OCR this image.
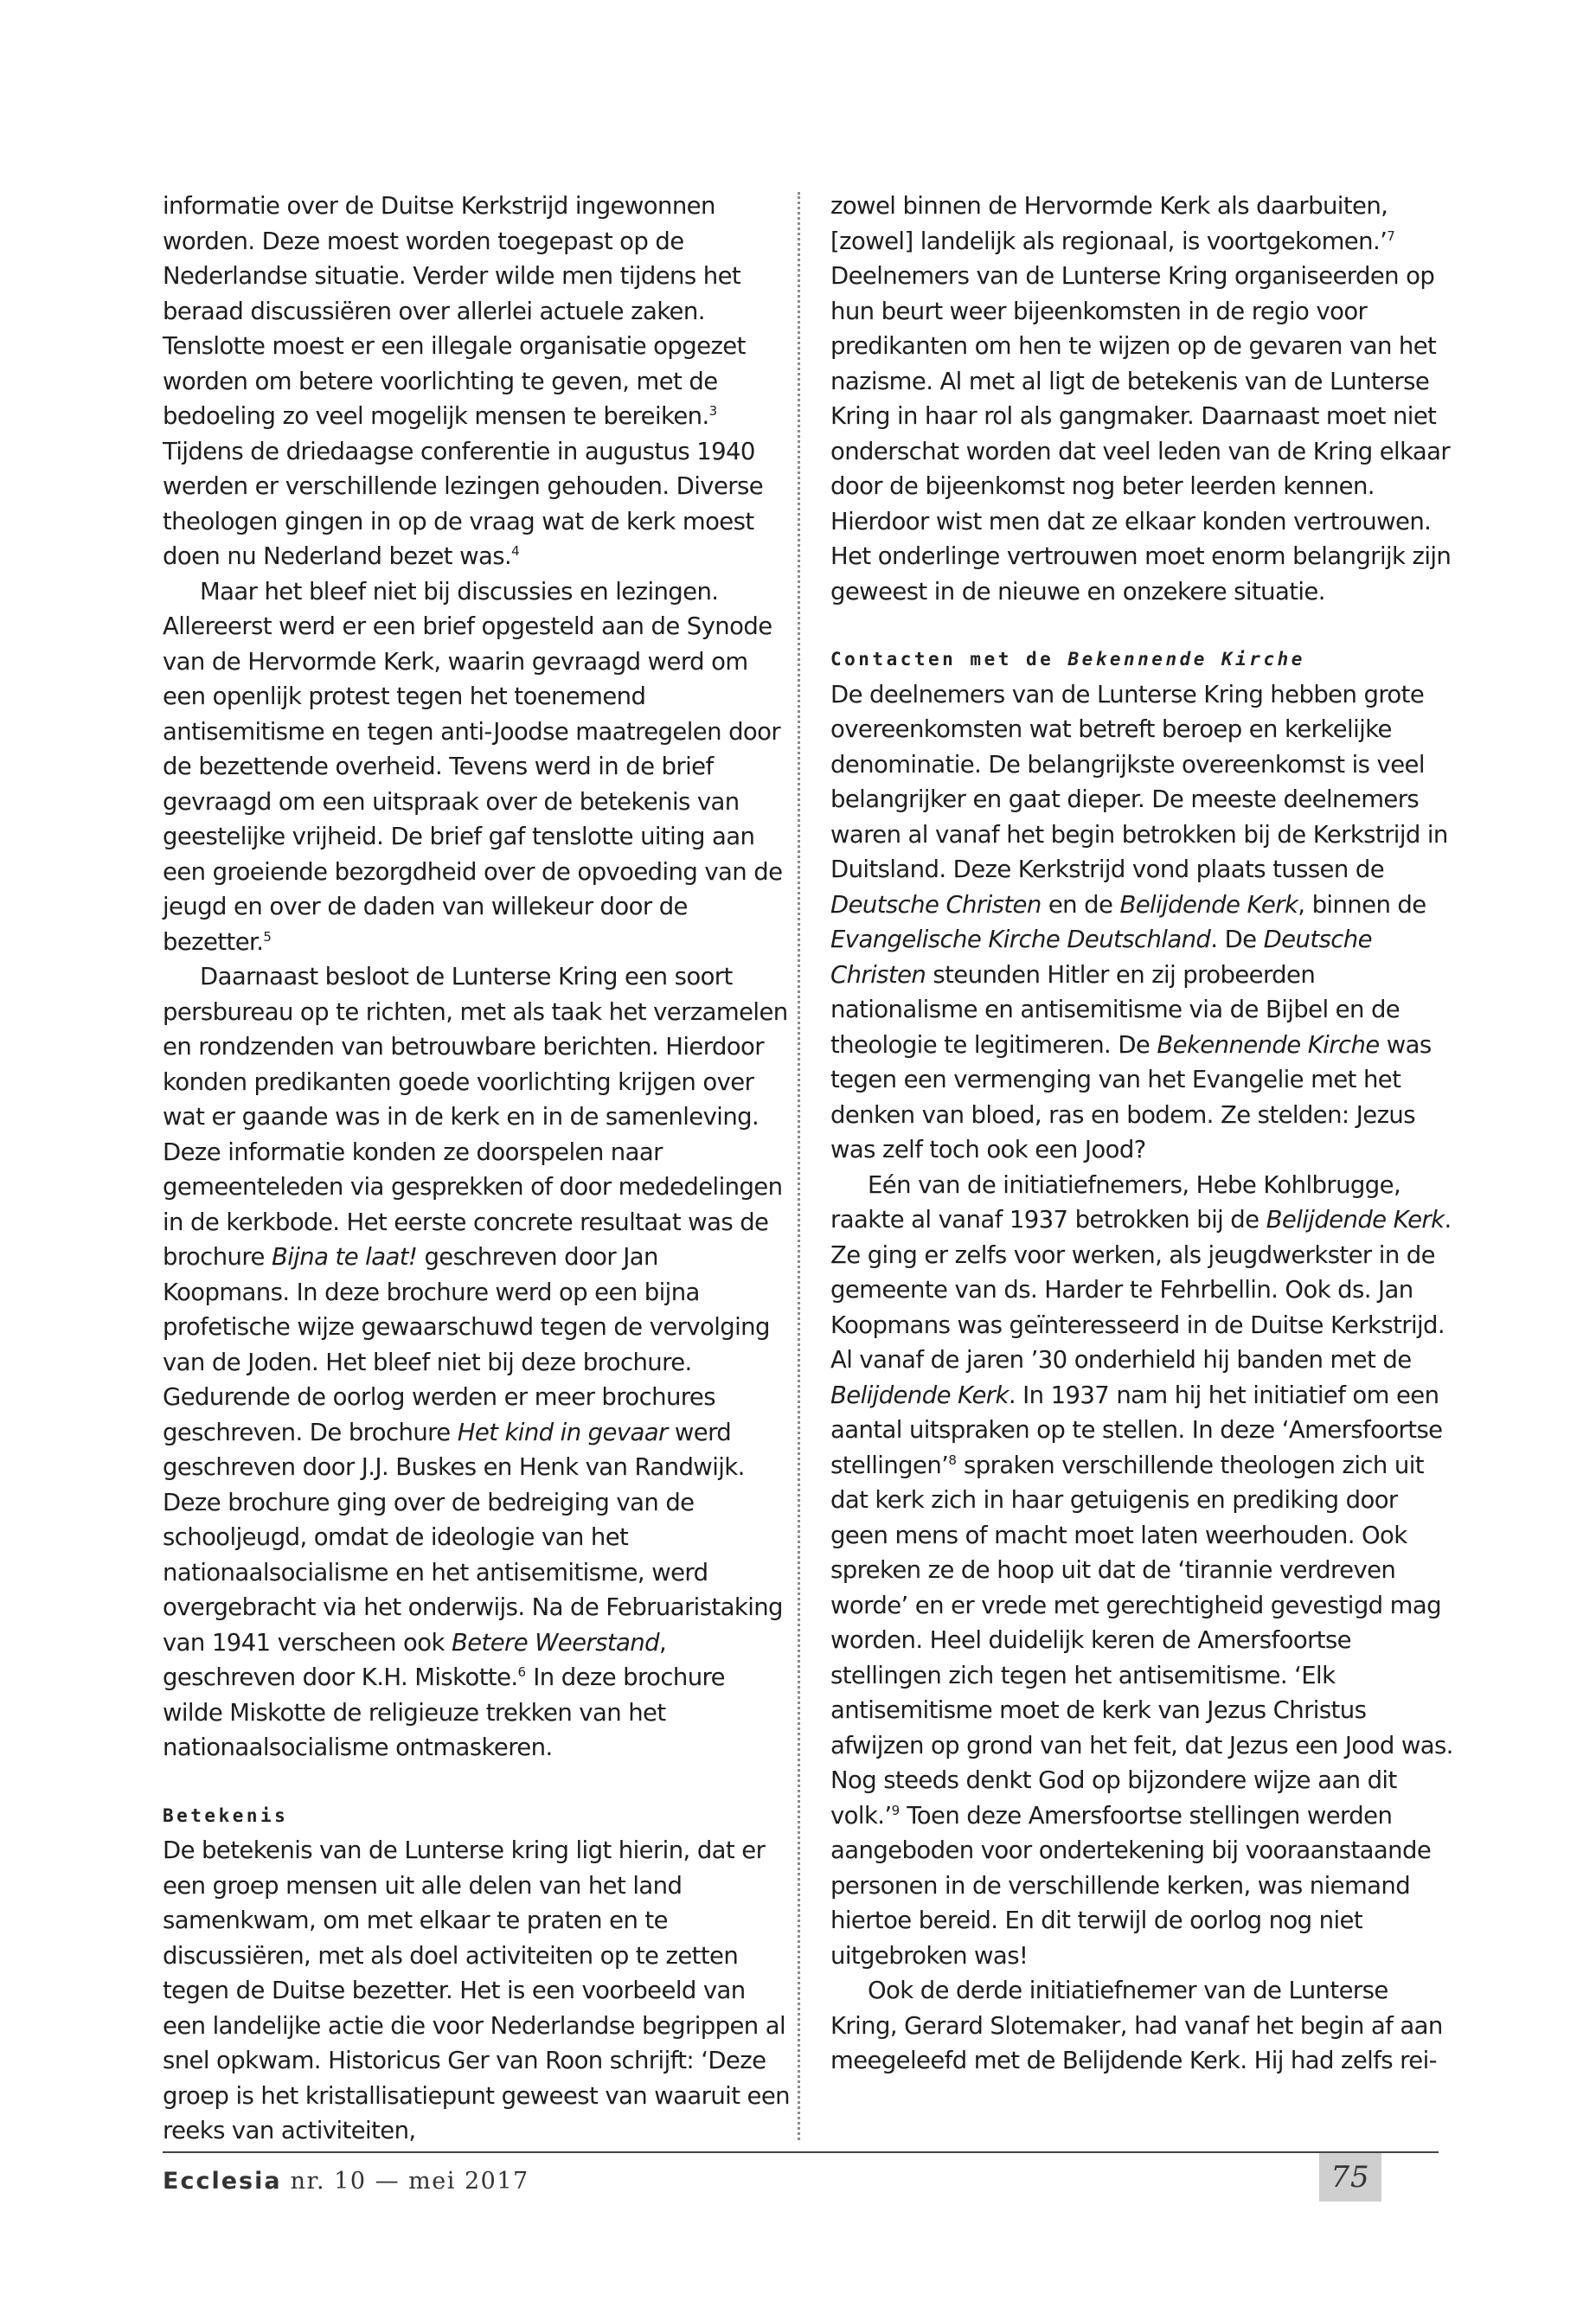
informatie over de Duitse Kerkstrijd ingewonnen worden. Deze moest worden toegepast op de Nederlandse situatie. Verder wilde men tijdens het beraad discussiëren over allerlei actuele zaken. Tenslotte moest er een illegale organisatie opgezet worden om betere voorlichting te geven, met de bedoeling zo veel mogelijk mensen te bereiken.$^3$ Tijdens de driedaagse conferentie in augustus 1940 werden er verschillende lezingen gehouden. Diverse theologen gingen in op de vraag wat de kerk moest doen nu Nederland bezet was.$^4$

Maar het bleef niet bij discussies en lezingen. Allereerst werd er een brief opgesteld aan de Synode van de Hervormde Kerk, waarin gevraagd werd om een openlijk protest tegen het toenemend antisemitisme en tegen anti-Joodse maatregelen door de bezettende overheid. Tevens werd in de brief gevraagd om een uitspraak over de betekenis van geestelijke vrijheid. De brief gaf tenslotte uiting aan een groeiende bezorgdheid over de opvoeding van de jeugd en over de daden van willekeur door de bezetter.$^5$

Daarnaast besloot de Lunterse Kring een soort persbureau op te richten, met als taak het verzamelen en rondzenden van betrouwbare berichten. Hierdoor konden predikanten goede voorlichting krijgen over wat er gaande was in de kerk en in de samenleving. Deze informatie konden ze doorspelen naar gemeenteleden via gesprekken of door mededelingen in de kerkbode. Het eerste concrete resultaat was de brochure Bijna te laat! geschreven door Jan Koopmans. In deze brochure werd op een bijna profetische wijze gewaarschuwd tegen de vervolging van de Joden. Het bleef niet bij deze brochure. Gedurende de oorlog werden er meer brochures geschreven. De brochure Het kind in gevaar werd geschreven door J.J. Buskes en Henk van Randwijk. Deze brochure ging over de bedreiging van de schooljeugd, omdat de ideologie van het nationaalsocialisme en het antisemitisme, werd overgebracht via het onderwijs. Na de Februaristaking van 1941 verscheen ook Betere Weerstand, geschreven door K.H. Miskotte.$^6$ In deze brochure wilde Miskotte de religieuze trekken van het nationaalsocialisme ontmaskeren.

Betekenis

De betekenis van de Lunterse kring ligt hierin, dat er een groep mensen uit alle delen van het land samenkwam, om met elkaar te praten en te discussiëren, met als doel activiteiten op te zetten tegen de Duitse bezetter. Het is een voorbeeld van een landelijke actie die voor Nederlandse begrippen al snel opkwam. Historicus Ger van Roon schrijft: ‘Deze groep is het kristallisatiepunt geweest van waaruit een reeks van activiteiten,

zowel binnen de Hervormde Kerk als daarbuiten, [zowel] landelijk als regionaal, is voortgekomen.’$^7$ Deelnemers van de Lunterse Kring organiseerden op hun beurt weer bijeenkomsten in de regio voor predikanten om hen te wijzen op de gevaren van het nazisme. Al met al ligt de betekenis van de Lunterse Kring in haar rol als gangmaker. Daarnaast moet niet onderschat worden dat veel leden van de Kring elkaar door de bijeenkomst nog beter leerden kennen. Hierdoor wist men dat ze elkaar konden vertrouwen. Het onderlinge vertrouwen moet enorm belangrijk zijn geweest in de nieuwe en onzekere situatie.

Contacten met de Bekennende Kirche

De deelnemers van de Lunterse Kring hebben grote overeenkomsten wat betreft beroep en kerkelijke denominatie. De belangrijkste overeenkomst is veel belangrijker en gaat dieper. De meeste deelnemers waren al vanaf het begin betrokken bij de Kerkstrijd in Duitsland. Deze Kerkstrijd vond plaats tussen de Deutsche Christen en de Belijdende Kerk, binnen de Evangelische Kirche Deutschland. De Deutsche Christen steunden Hitler en zij probeerden nationalisme en antisemitisme via de Bijbel en de theologie te legitimeren. De Bekennende Kirche was tegen een vermenging van het Evangelie met het denken van bloed, ras en bodem. Ze stelden: Jezus was zelf toch ook een Jood?

Eén van de initiatiefnemers, Hebe Kohlbrugge, raakte al vanaf 1937 betrokken bij de Belijdende Kerk. Ze ging er zelfs voor werken, als jeugdwerkster in de gemeente van ds. Harder te Fehrbellin. Ook ds. Jan Koopmans was geïnteresseerd in de Duitse Kerkstrijd. Al vanaf de jaren ’30 onderhield hij banden met de Belijdende Kerk. In 1937 nam hij het initiatief om een aantal uitspraken op te stellen. In deze ‘Amersfoortse stellingen’$^8$ spraken verschillende theologen zich uit dat kerk zich in haar getuigenis en prediking door geen mens of macht moet laten weerhouden. Ook spreken ze de hoop uit dat de ‘tirannie verdreven worde’ en er vrede met gerechtigheid gevestigd mag worden. Heel duidelijk keren de Amersfoortse stellingen zich tegen het antisemitisme. ‘Elk antisemitisme moet de kerk van Jezus Christus afwijzen op grond van het feit, dat Jezus een Jood was. Nog steeds denkt God op bijzondere wijze aan dit volk.’$^9$ Toen deze Amersfoortse stellingen werden aangeboden voor ondertekening bij vooraanstaande personen in de verschillende kerken, was niemand hiertoe bereid. En dit terwijl de oorlog nog niet uitgebroken was!

Ook de derde initiatiefnemer van de Lunterse Kring, Gerard Slotemaker, had vanaf het begin af aan meegeleefd met de Belijdende Kerk. Hij had zelfs rei-

Ecclesia nr. 10 — mei 2017	75
